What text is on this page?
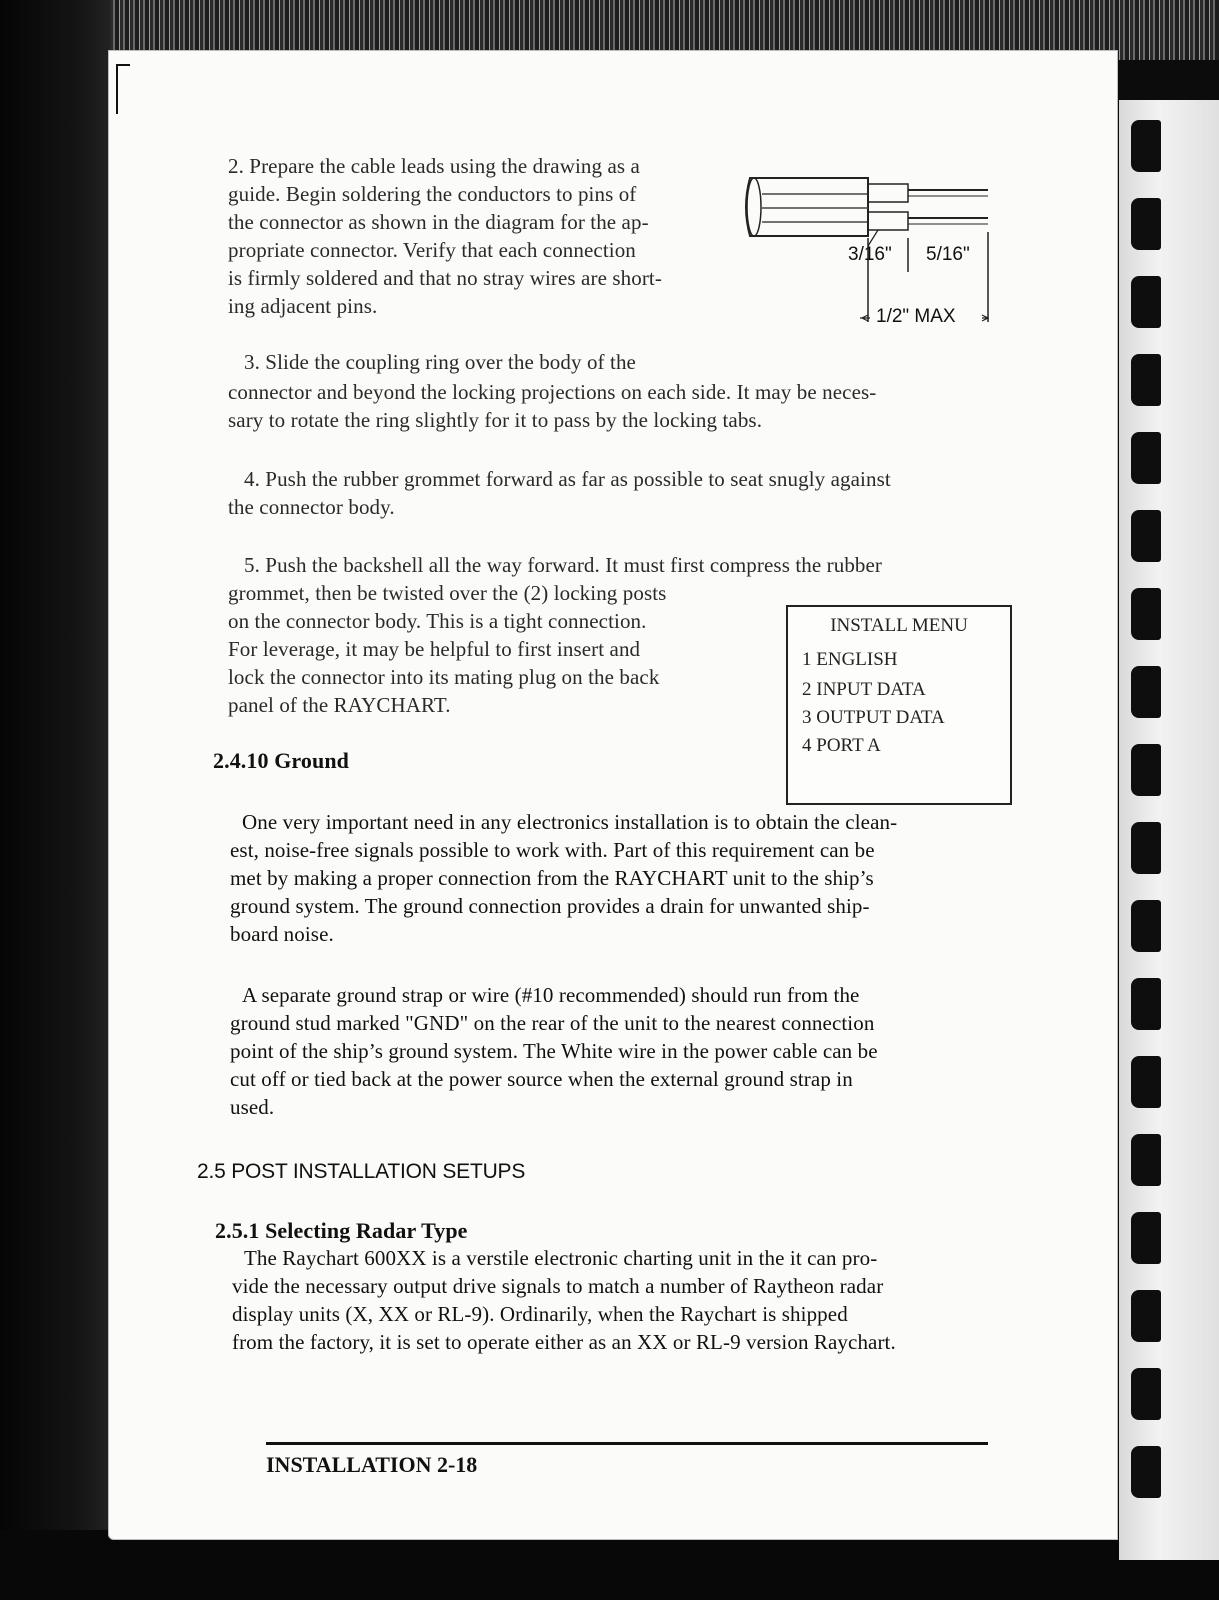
2. Prepare the cable leads using the drawing as a

guide. Begin soldering the conductors to pins of

the connector as shown in the diagram for the ap-

propriate connector. Verify that each connection

is firmly soldered and that no stray wires are short-

ing adjacent pins.

3/16" 5/16"
1/2" MAX

3. Slide the coupling ring over the body of the

connector and beyond the locking projections on each side. It may be neces-

sary to rotate the ring slightly for it to pass by the locking tabs.

4. Push the rubber grommet forward as far as possible to seat snugly against

the connector body.

5. Push the backshell all the way forward. It must first compress the rubber

grommet, then be twisted over the (2) locking posts

on the connector body. This is a tight connection.

For leverage, it may be helpful to first insert and

lock the connector into its mating plug on the back

panel of the RAYCHART.

INSTALL MENU
1 ENGLISH
2 INPUT DATA
3 OUTPUT DATA
4 PORT A

2.4.10 Ground

One very important need in any electronics installation is to obtain the clean-

est, noise-free signals possible to work with. Part of this requirement can be

met by making a proper connection from the RAYCHART unit to the ship’s

ground system. The ground connection provides a drain for unwanted ship-

board noise.

A separate ground strap or wire (#10 recommended) should run from the

ground stud marked "GND" on the rear of the unit to the nearest connection

point of the ship’s ground system. The White wire in the power cable can be

cut off or tied back at the power source when the external ground strap in

used.

2.5 POST INSTALLATION SETUPS

2.5.1 Selecting Radar Type

The Raychart 600XX is a verstile electronic charting unit in the it can pro-

vide the necessary output drive signals to match a number of Raytheon radar

display units (X, XX or RL-9). Ordinarily, when the Raychart is shipped

from the factory, it is set to operate either as an XX or RL-9 version Raychart.

INSTALLATION 2-18
